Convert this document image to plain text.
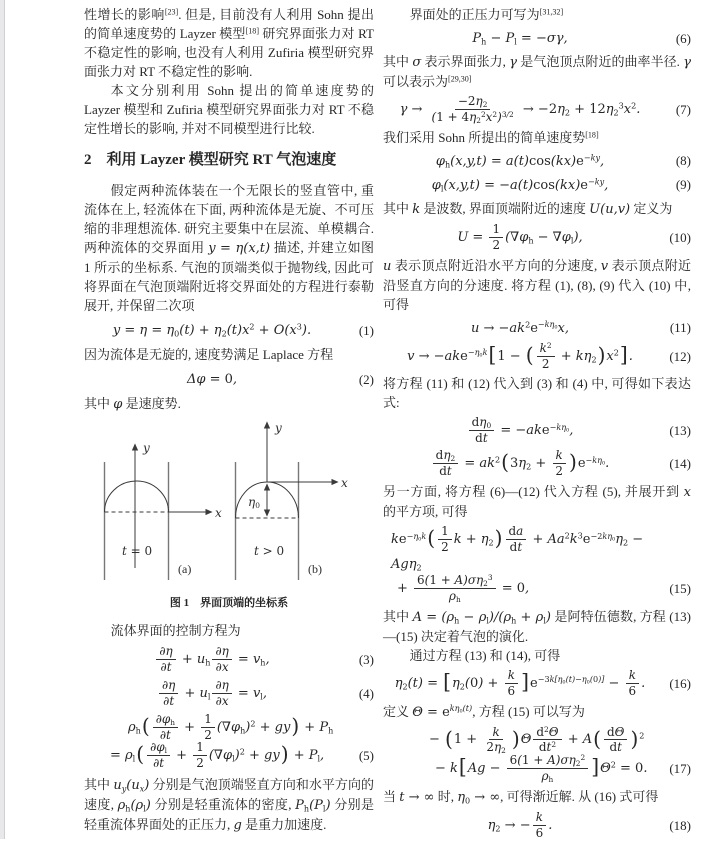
性增长的影响[23]. 但是, 目前没有人利用 Sohn 提出的简单速度势的 Layzer 模型[18] 研究界面张力对 RT 不稳定性的影响, 也没有人利用 Zufiria 模型研究界面张力对 RT 不稳定性的影响.

本文分别利用 Sohn 提出的简单速度势的 Layzer 模型和 Zufiria 模型研究界面张力对 RT 不稳定性增长的影响, 并对不同模型进行比较.

2　利用 Layzer 模型研究 RT 气泡速度

假定两种流体装在一个无限长的竖直管中, 重流体在上, 轻流体在下面, 两种流体是无旋、不可压缩的非理想流体. 研究主要集中在层流、单模耦合. 两种流体的交界面用 y = η(x,t) 描述, 并建立如图 1 所示的坐标系. 气泡的顶端类似于抛物线, 因此可将界面在气泡顶端附近将交界面处的方程进行泰勒展开, 并保留二次项

$y = \eta = \eta_0(t) + \eta_2(t)x^2 + O(x^3)$.	(1)

因为流体是无旋的, 速度势满足 Laplace 方程

Δφ = 0,	(2)

其中 φ 是速度势.

y
x
t = 0
(a)
y
x
$\eta_0$
t > 0
(b)
图 1 界面顶端的坐标系

流体界面的控制方程为

$\frac{\partial\eta}{\partial t} + u_h \frac{\partial\eta}{\partial x} = v_h$,	(3)
$\frac{\partial\eta}{\partial t} + u_l \frac{\partial\eta}{\partial x} = v_l$,	(4)
$\rho_h( \frac{\partial\varphi_h}{\partial t} + \frac{1}{2} (\nabla\varphi_h)^2 + gy) + P_h$
= $\rho_l( \frac{\partial\varphi_l}{\partial t} + \frac{1}{2} (\nabla\varphi_l)^2 + gy) + P_l$,	(5)

其中 $u_y(u_x)$ 分别是气泡顶端竖直方向和水平方向的速度, $\rho_h(\rho_l)$ 分别是轻重流体的密度, $P_h(P_l)$ 分别是轻重流体界面处的正压力, g 是重力加速度.

界面处的正压力可写为[31,32]

$P_h - P_l = -\sigma\gamma$,	(6)

其中 σ 表示界面张力, γ 是气泡顶点附近的曲率半径. γ 可以表示为[29,30]

$\gamma \to \frac{-2\eta_2}{(1 + 4\eta_2^2x^2)^{3/2}} \to -2\eta_2 + 12\eta_2^3x^2$.	(7)

我们采用 Sohn 所提出的简单速度势[18]

$\varphi_h(x,y,t) = a(t)\cos(kx)e^{-ky}$,	(8)
$\varphi_l(x,y,t) = -a(t)\cos(kx)e^{-ky}$,	(9)

其中 k 是波数, 界面顶端附近的速度 U(u,v) 定义为

$U = \frac{1}{2} (\nabla\varphi_h - \nabla\varphi_l)$,	(10)

u 表示顶点附近沿水平方向的分速度, v 表示顶点附近沿竖直方向的分速度. 将方程 (1), (8), (9) 代入 (10) 中, 可得

$u \to -ak^2e^{-k\eta_0}x$,	(11)
v → −ake$^{-\eta_0k}$[1 − ( $\frac{k^2}{2} + k\eta_2)x^2$].	(12)

将方程 (11) 和 (12) 代入到 (3) 和 (4) 中, 可得如下表达式:

$\frac{d\eta_0}{dt} = -ake^{-k\eta_0}$,	(13)
$\frac{d\eta_2}{dt} = ak^2(3\eta_2 + \frac{k}{2} )e^{-k\eta_0}$.	(14)

另一方面, 将方程 (6)—(12) 代入方程 (5), 并展开到 x 的平方项, 可得

$ke^{-\eta_0k}( \frac{1}{2}$ $k + \eta_2) \frac{da}{dt} + Aa^2k^3e^{-2k\eta_0}\eta_2 - Ag\eta_2$
+ $\frac{6(1 + A)\sigma\eta_2^3}{\rho_h} = 0$,	(15)

其中 $A = (\rho_h - \rho_l)/(\rho_h + \rho_l)$ 是阿特伍德数, 方程 (13)—(15) 决定着气泡的演化.

通过方程 (13) 和 (14), 可得

$\eta_2(t) = [\eta_2(0) + \frac{k}{6} ]e^{-3k[\eta_0(t)-\eta_0(0)]} - \frac{k}{6}$ .	(16)

定义 $\Theta = e^{k\eta_0(t)}$, 方程 (15) 可以写为

− $(1 + \frac{k}{2\eta_2} )\Theta \frac{d^2\Theta}{dt^2} + A( \frac{d\Theta}{dt} )^2$
− $k[Ag - \frac{6(1 + A)\sigma\eta_2^2}{\rho_h} ]\Theta^2 = 0$.	(17)

当 t → ∞ 时, $\eta_0$ → ∞, 可得渐近解. 从 (16) 式可得

$\eta_2$ → − $\frac{k}{6}$ .	(18)
